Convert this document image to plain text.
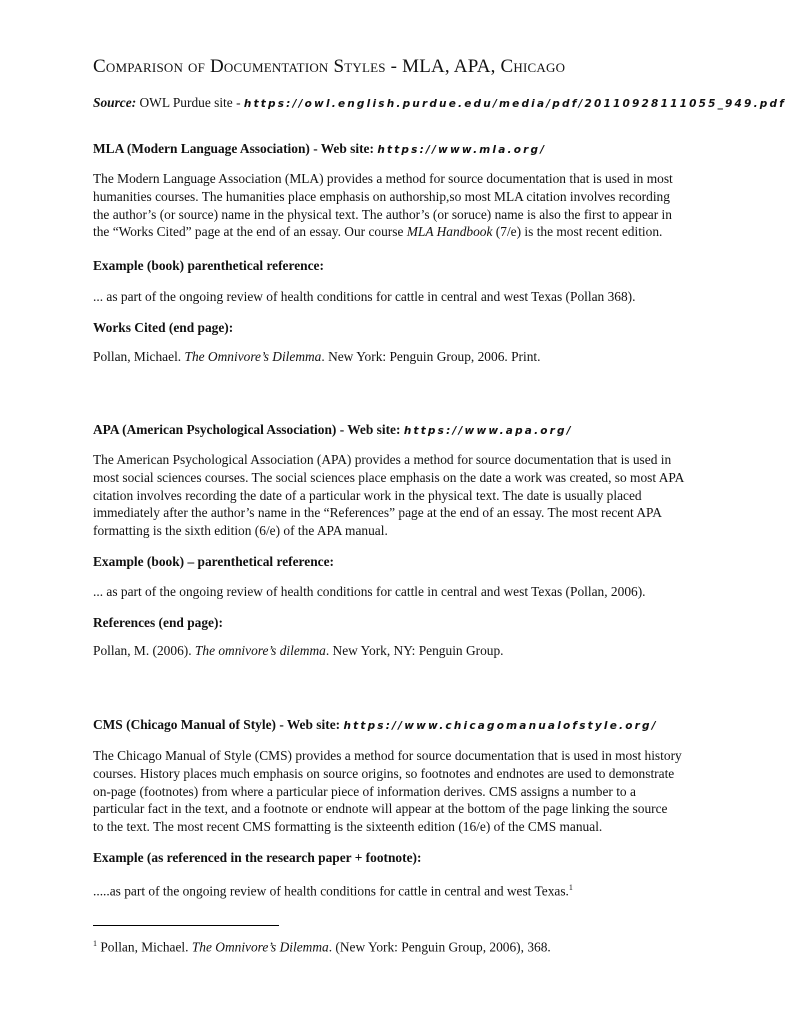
Comparison of Documentation Styles - MLA, APA, Chicago
Source: OWL Purdue site - https://owl.english.purdue.edu/media/pdf/20110928111055_949.pdf
MLA (Modern Language Association) - Web site: https://www.mla.org/
The Modern Language Association (MLA) provides a method for source documentation that is used in most
humanities courses. The humanities place emphasis on authorship,so most MLA citation involves recording
the author’s (or source) name in the physical text. The author’s (or soruce) name is also the first to appear in
the “Works Cited” page at the end of an essay. Our course MLA Handbook (7/e) is the most recent edition.
Example (book) parenthetical reference:
... as part of the ongoing review of health conditions for cattle in central and west Texas (Pollan 368).
Works Cited (end page):
Pollan, Michael. The Omnivore’s Dilemma. New York: Penguin Group, 2006. Print.
APA (American Psychological Association) - Web site: https://www.apa.org/
The American Psychological Association (APA) provides a method for source documentation that is used in
most social sciences courses. The social sciences place emphasis on the date a work was created, so most APA
citation involves recording the date of a particular work in the physical text. The date is usually placed
immediately after the author’s name in the “References” page at the end of an essay. The most recent APA
formatting is the sixth edition (6/e) of the APA manual.
Example (book) – parenthetical reference:
... as part of the ongoing review of health conditions for cattle in central and west Texas (Pollan, 2006).
References (end page):
Pollan, M. (2006). The omnivore’s dilemma. New York, NY: Penguin Group.
CMS (Chicago Manual of Style) - Web site: https://www.chicagomanualofstyle.org/
The Chicago Manual of Style (CMS) provides a method for source documentation that is used in most history
courses. History places much emphasis on source origins, so footnotes and endnotes are used to demonstrate
on-page (footnotes) from where a particular piece of information derives. CMS assigns a number to a
particular fact in the text, and a footnote or endnote will appear at the bottom of the page linking the source
to the text. The most recent CMS formatting is the sixteenth edition (16/e) of the CMS manual.
Example (as referenced in the research paper + footnote):
.....as part of the ongoing review of health conditions for cattle in central and west Texas.$^1$
$^1$ Pollan, Michael. The Omnivore’s Dilemma. (New York: Penguin Group, 2006), 368.
